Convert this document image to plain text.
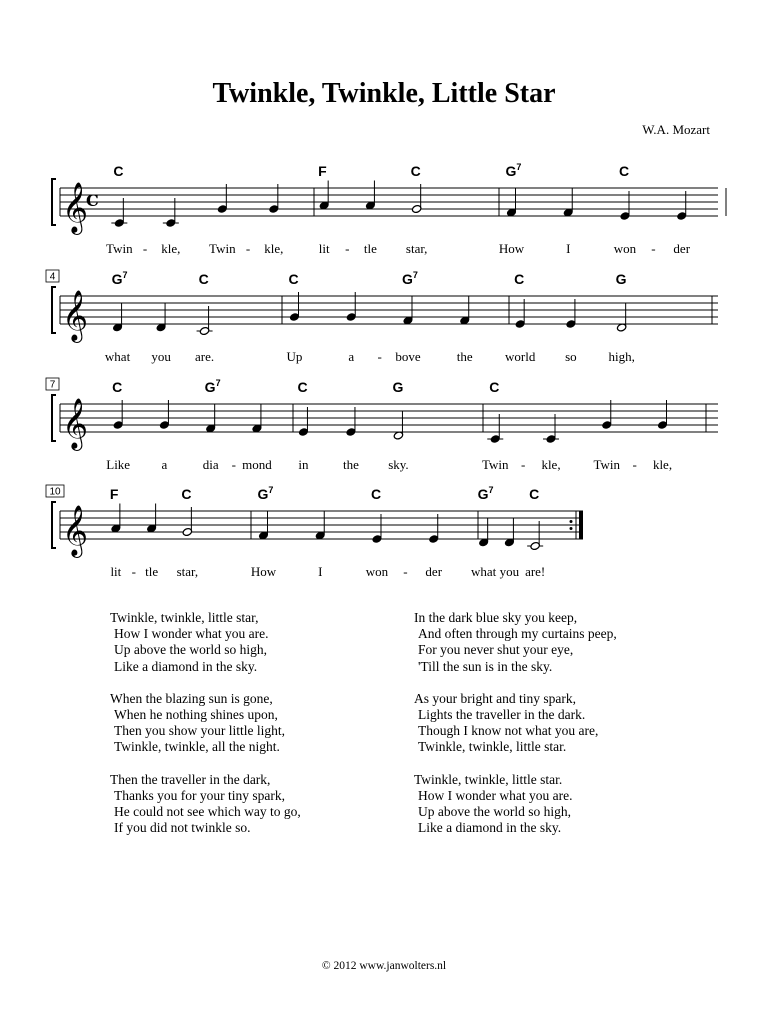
Twinkle, Twinkle, Little Star
W.A. Mozart
𝄞
C
C
Twin - kle, Twin - kle,
F
lit - tle
C
star,
$G^7$
How	I
C
won - der
𝄞
4	$G^7$
what you
C
are.
C
Up	a -
$G^7$
bove	the
C
world so
G
high,
𝄞
7	C
Like a
$G^7$
dia - mond
C
in	the
G
sky.
C
Twin - kle,	Twin - kle,
𝄞
10	F
lit - tle
C
star,
$G^7$
How	I
C
won - der
$G^7$
what you
C
are!
Twinkle, twinkle, little star,
How I wonder what you are.
Up above the world so high,
Like a diamond in the sky.
When the blazing sun is gone,
When he nothing shines upon,
Then you show your little light,
Twinkle, twinkle, all the night.
Then the traveller in the dark,
Thanks you for your tiny spark,
He could not see which way to go,
If you did not twinkle so.
In the dark blue sky you keep,
And often through my curtains peep,
For you never shut your eye,
'Till the sun is in the sky.
As your bright and tiny spark,
Lights the traveller in the dark.
Though I know not what you are,
Twinkle, twinkle, little star.
Twinkle, twinkle, little star.
How I wonder what you are.
Up above the world so high,
Like a diamond in the sky.
© 2012 www.janwolters.nl
